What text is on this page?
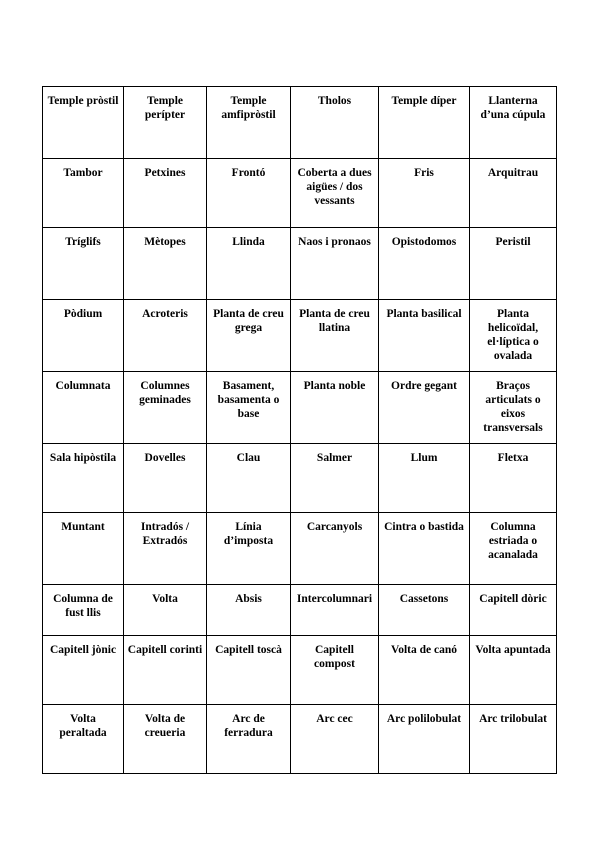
Temple pròstil	Temple perípter	Temple amfipròstil	Tholos	Temple díper	Llanterna d’una cúpula
Tambor	Petxines	Frontó	Coberta a dues aigües / dos vessants	Fris	Arquitrau
Tríglifs	Mètopes	Llinda	Naos i pronaos	Opistodomos	Peristil
Pòdium	Acroteris	Planta de creu grega	Planta de creu llatina	Planta basilical	Planta helicoïdal, el·líptica o ovalada
Columnata	Columnes geminades	Basament, basamenta o base	Planta noble	Ordre gegant	Braços articulats o eixos transversals
Sala hipòstila	Dovelles	Clau	Salmer	Llum	Fletxa
Muntant	Intradós / Extradós	Línia d’imposta	Carcanyols	Cintra o bastida	Columna estriada o acanalada
Columna de fust llis	Volta	Absis	Intercolumnari	Cassetons	Capitell dòric
Capitell jònic	Capitell corinti	Capitell toscà	Capitell compost	Volta de canó	Volta apuntada
Volta peraltada	Volta de creueria	Arc de ferradura	Arc cec	Arc polilobulat	Arc trilobulat
